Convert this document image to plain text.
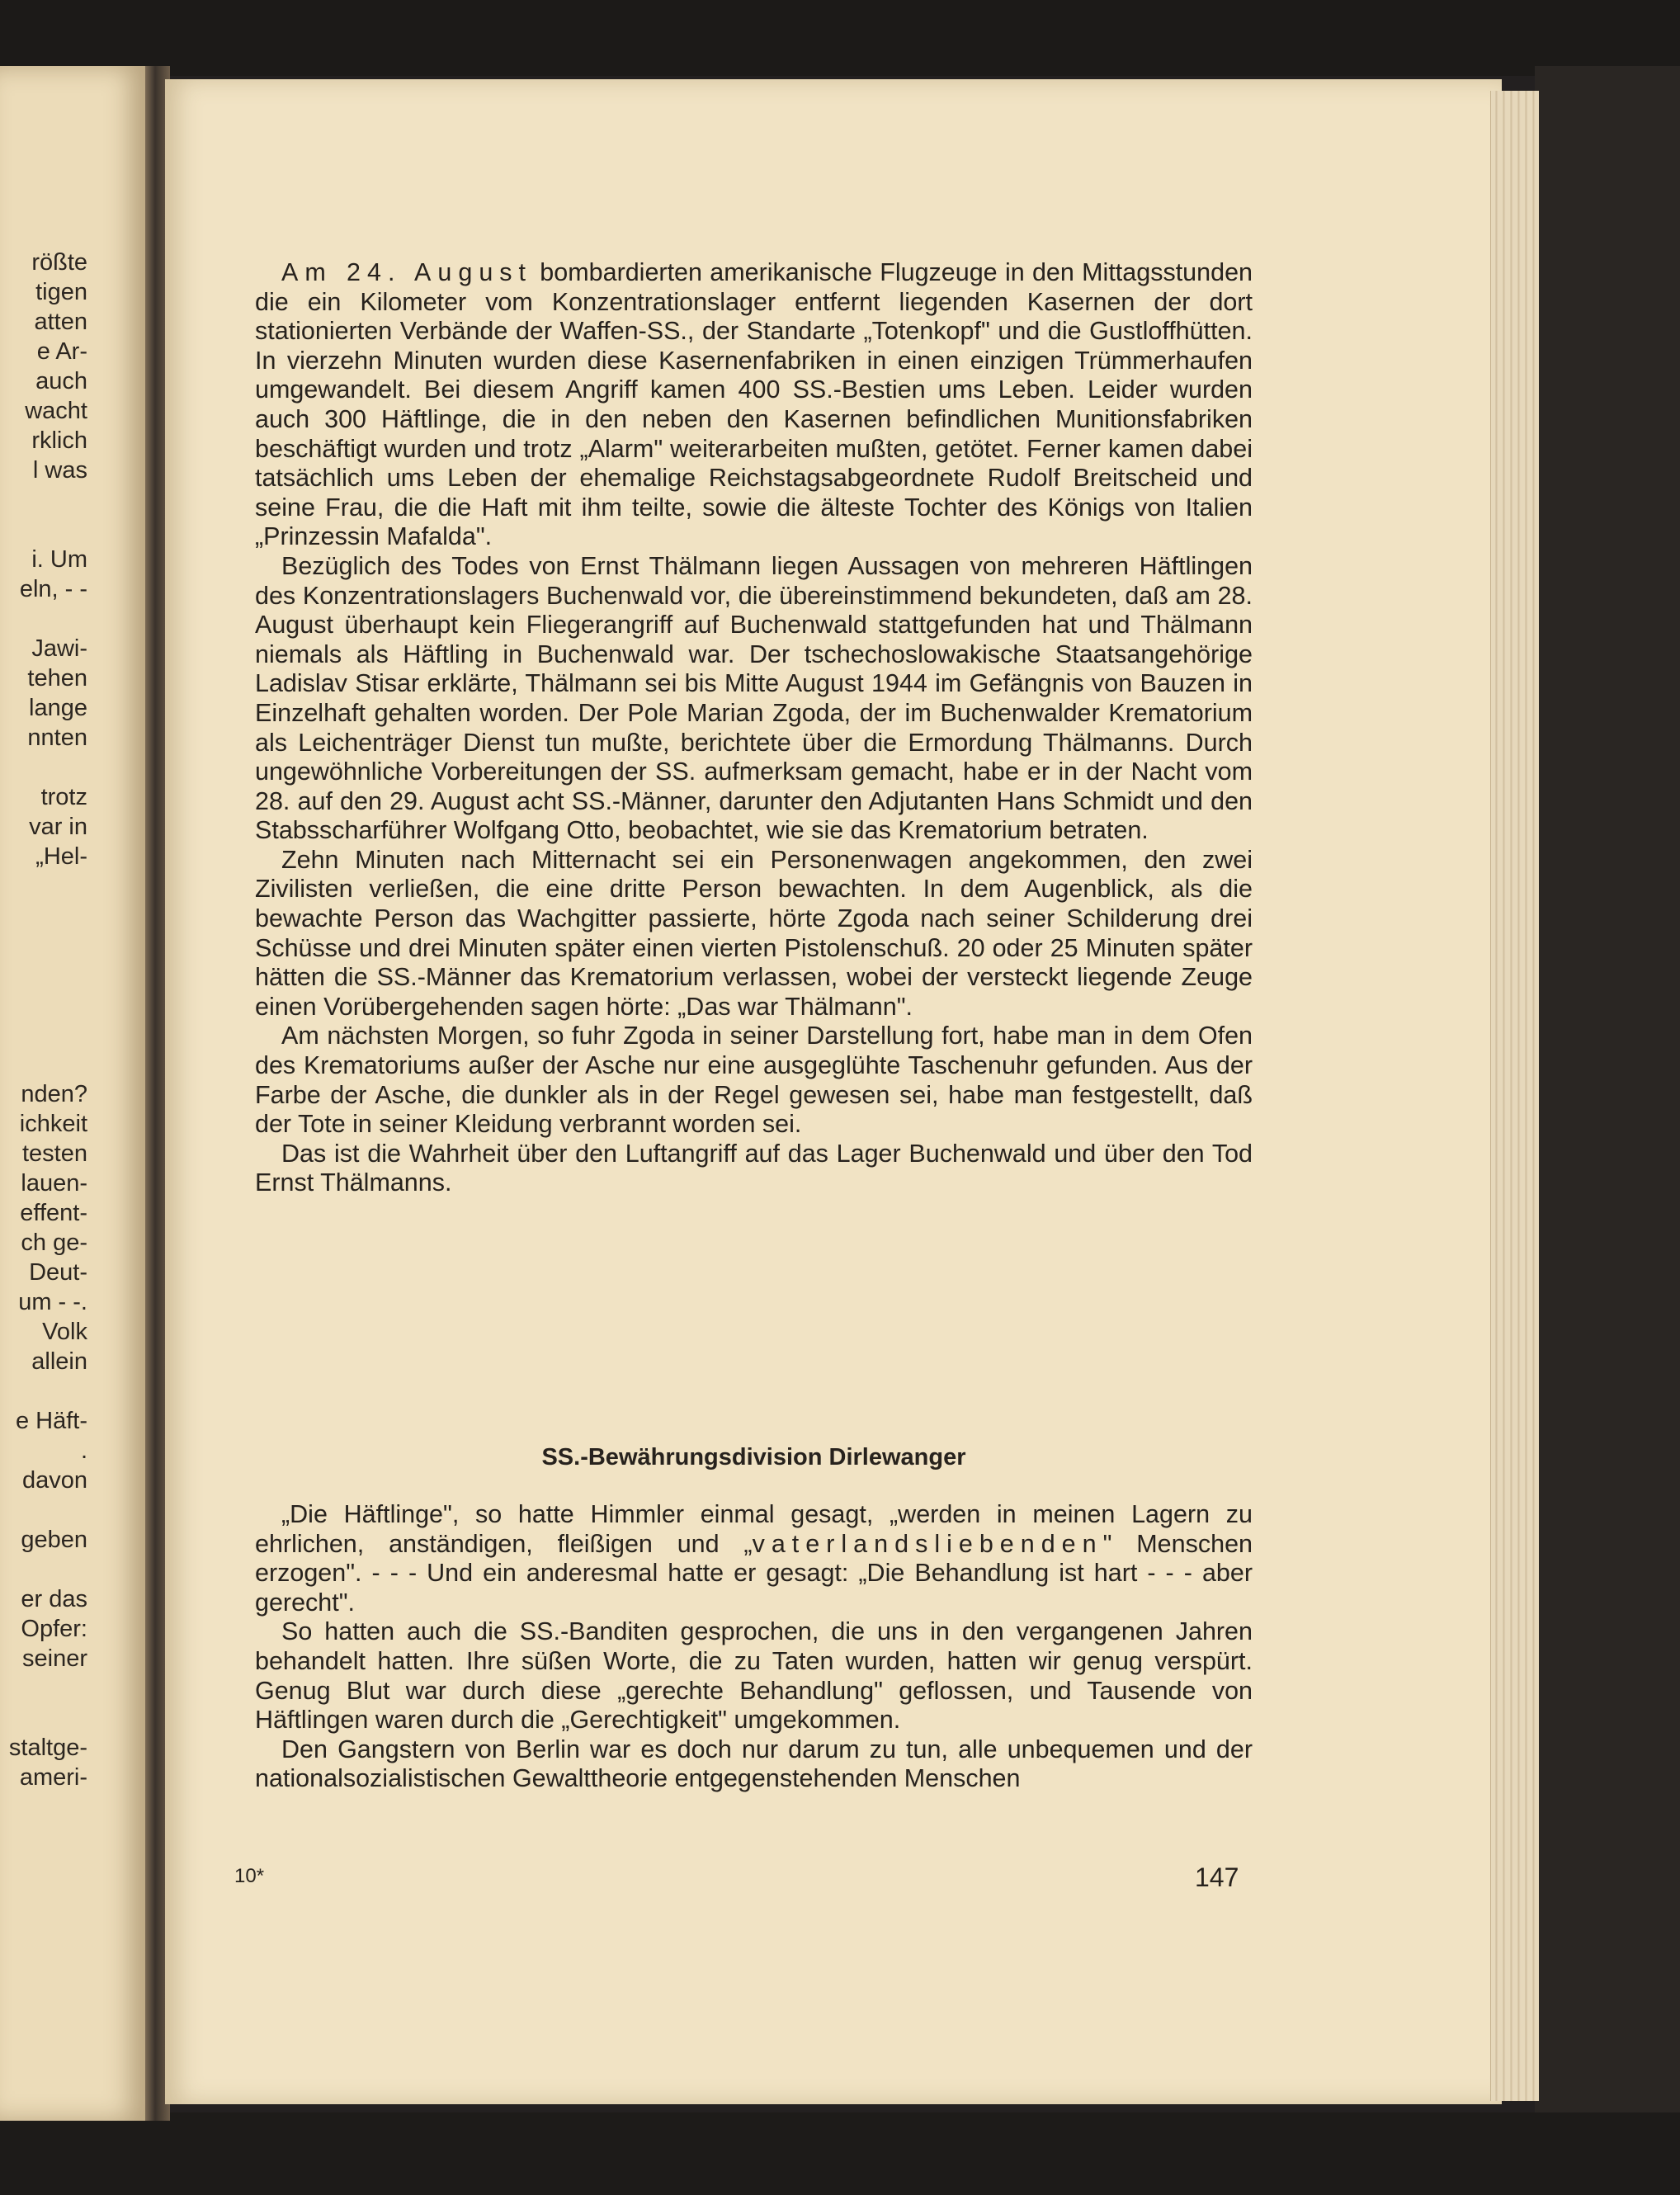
rößte
tigen
atten
e Ar-
auch
wacht
rklich
l was
i. Um
eln, - -
Jawi-
tehen
lange
nnten
trotz
var in
„Hel-
nden?
ichkeit
testen
lauen-
effent-
ch ge-
Deut-
um - -.
Volk
allein
e Häft-
.
davon
geben
er das
Opfer:
seiner
staltge-
ameri-

Am 24. August bombardierten amerikanische Flugzeuge in den Mittagsstunden die ein Kilometer vom Konzentrationslager entfernt liegenden Kasernen der dort stationierten Verbände der Waffen-SS., der Standarte „Totenkopf" und die Gustloffhütten. In vierzehn Minuten wurden diese Kasernenfabriken in einen einzigen Trümmerhaufen umgewandelt. Bei diesem Angriff kamen 400 SS.-Bestien ums Leben. Leider wurden auch 300 Häftlinge, die in den neben den Kasernen befindlichen Munitionsfabriken beschäftigt wurden und trotz „Alarm" weiterarbeiten mußten, getötet. Ferner kamen dabei tatsächlich ums Leben der ehemalige Reichstagsabgeordnete Rudolf Breitscheid und seine Frau, die die Haft mit ihm teilte, sowie die älteste Tochter des Königs von Italien „Prinzessin Mafalda".

Bezüglich des Todes von Ernst Thälmann liegen Aussagen von mehreren Häftlingen des Konzentrationslagers Buchenwald vor, die übereinstimmend bekundeten, daß am 28. August überhaupt kein Fliegerangriff auf Buchenwald stattgefunden hat und Thälmann niemals als Häftling in Buchenwald war. Der tschechoslowakische Staatsangehörige Ladislav Stisar erklärte, Thälmann sei bis Mitte August 1944 im Gefängnis von Bauzen in Einzelhaft gehalten worden. Der Pole Marian Zgoda, der im Buchenwalder Krematorium als Leichenträger Dienst tun mußte, berichtete über die Ermordung Thälmanns. Durch ungewöhnliche Vorbereitungen der SS. aufmerksam gemacht, habe er in der Nacht vom 28. auf den 29. August acht SS.-Männer, darunter den Adjutanten Hans Schmidt und den Stabsscharführer Wolfgang Otto, beobachtet, wie sie das Krematorium betraten.

Zehn Minuten nach Mitternacht sei ein Personenwagen angekommen, den zwei Zivilisten verließen, die eine dritte Person bewachten. In dem Augenblick, als die bewachte Person das Wachgitter passierte, hörte Zgoda nach seiner Schilderung drei Schüsse und drei Minuten später einen vierten Pistolenschuß. 20 oder 25 Minuten später hätten die SS.-Männer das Krematorium verlassen, wobei der versteckt liegende Zeuge einen Vorübergehenden sagen hörte: „Das war Thälmann".

Am nächsten Morgen, so fuhr Zgoda in seiner Darstellung fort, habe man in dem Ofen des Krematoriums außer der Asche nur eine ausgeglühte Taschenuhr gefunden. Aus der Farbe der Asche, die dunkler als in der Regel gewesen sei, habe man festgestellt, daß der Tote in seiner Kleidung verbrannt worden sei.

Das ist die Wahrheit über den Luftangriff auf das Lager Buchenwald und über den Tod Ernst Thälmanns.

SS.-Bewährungsdivision Dirlewanger

„Die Häftlinge", so hatte Himmler einmal gesagt, „werden in meinen Lagern zu ehrlichen, anständigen, fleißigen und „vaterlandsliebenden" Menschen erzogen". - - - Und ein anderesmal hatte er gesagt: „Die Behandlung ist hart - - - aber gerecht".

So hatten auch die SS.-Banditen gesprochen, die uns in den vergangenen Jahren behandelt hatten. Ihre süßen Worte, die zu Taten wurden, hatten wir genug verspürt. Genug Blut war durch diese „gerechte Behandlung" geflossen, und Tausende von Häftlingen waren durch die „Gerechtigkeit" umgekommen.

Den Gangstern von Berlin war es doch nur darum zu tun, alle unbequemen und der nationalsozialistischen Gewalttheorie entgegenstehenden Menschen

10*	147
